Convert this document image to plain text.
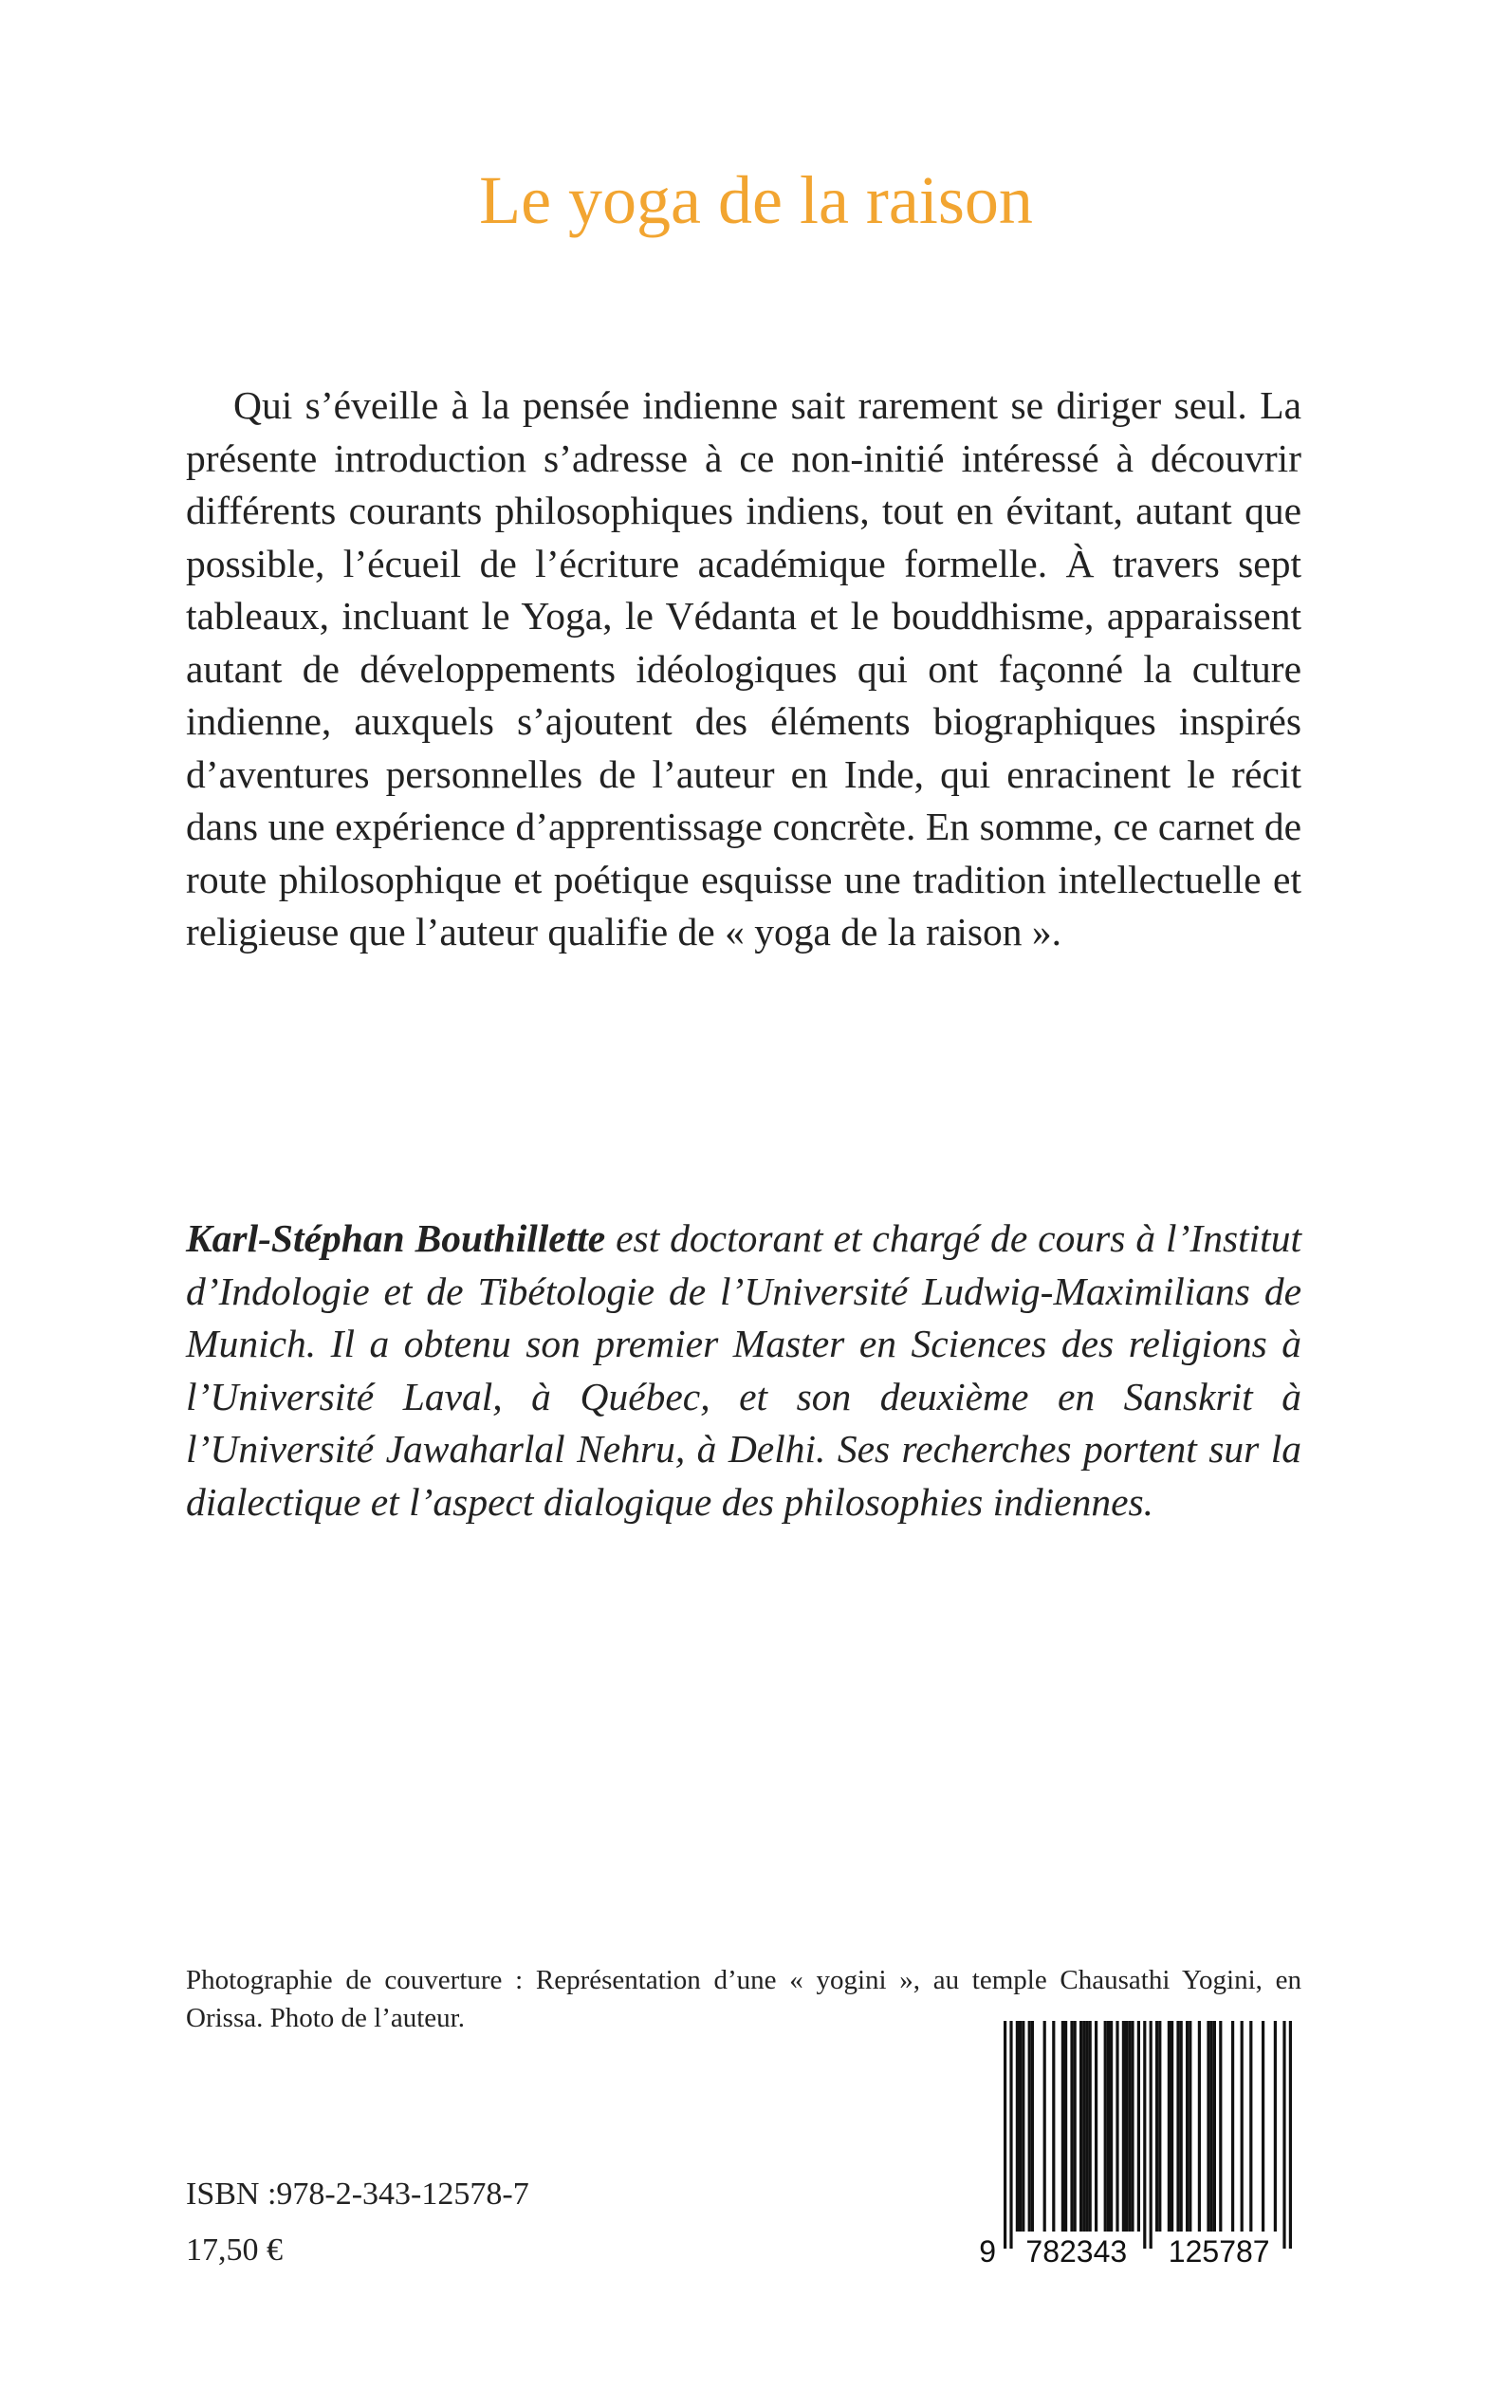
Le yoga de la raison

Qui s’éveille à la pensée indienne sait rarement se diriger seul. La présente introduction s’adresse à ce non-initié intéressé à découvrir différents courants philosophiques indiens, tout en évitant, autant que possible, l’écueil de l’écriture académique formelle. À travers sept tableaux, incluant le Yoga, le Védanta et le bouddhisme, apparaissent autant de développements idéologiques qui ont façonné la culture indienne, auxquels s’ajoutent des éléments biographiques inspirés d’aventures personnelles de l’auteur en Inde, qui enracinent le récit dans une expérience d’apprentissage concrète. En somme, ce carnet de route philosophique et poétique esquisse une tradition intellectuelle et religieuse que l’auteur qualifie de « yoga de la raison ».

Karl-Stéphan Bouthillette est doctorant et chargé de cours à l’Institut d’Indologie et de Tibétologie de l’Université Ludwig-Maximilians de Munich. Il a obtenu son premier Master en Sciences des religions à l’Université Laval, à Québec, et son deuxième en Sanskrit à l’Université Jawaharlal Nehru, à Delhi. Ses recherches portent sur la dialectique et l’aspect dialogique des philosophies indiennes.

Photographie de couverture : Représentation d’une « yogini », au temple Chausathi Yogini, en Orissa. Photo de l’auteur.

ISBN :978-2-343-12578-7
17,50 €	9 782343 125787
